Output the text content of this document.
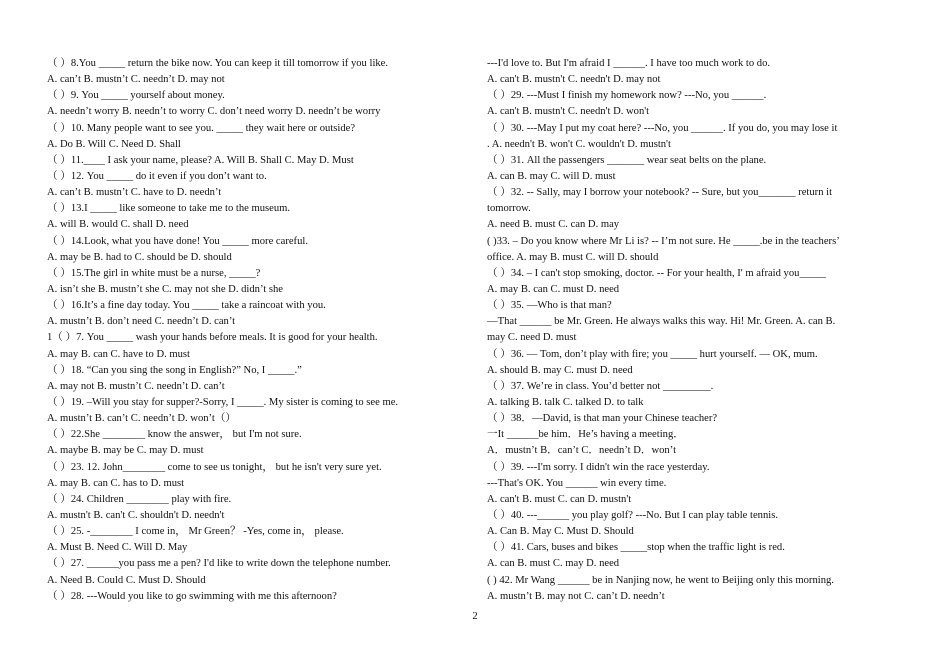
（ ）8.You _____ return the bike now. You can keep it till tomorrow if you like.
A. can’t B. mustn’t C. needn’t D. may not
（ ）9. You _____ yourself about money.
A. needn’t worry B. needn’t to worry C. don’t need worry D. needn’t be worry
（ ）10. Many people want to see you. _____ they wait here or outside?
A. Do B. Will C. Need D. Shall
（ ）11.____ I ask your name, please? A. Will B. Shall C. May D. Must
（ ）12. You _____ do it even if you don’t want to.
A. can’t B. mustn’t C. have to D. needn’t
（ ）13.I _____ like someone to take me to the museum.
A. will B. would C. shall D. need
（ ）14.Look, what you have done! You _____ more careful.
A. may be B. had to C. should be D. should
（ ）15.The girl in white must be a nurse, _____?
A. isn’t she B. mustn’t she C. may not she D. didn’t she
（ ）16.It’s a fine day today. You _____ take a raincoat with you.
A. mustn’t B. don’t need C. needn’t D. can’t
1（ ）7. You _____ wash your hands before meals. It is good for your health.
A. may B. can C. have to D. must
（ ）18. “Can you sing the song in English?” No, I _____.”
A. may not B. mustn’t C. needn’t D. can’t
（ ）19. –Will you stay for supper?-Sorry, I _____. My sister is coming to see me.
A. mustn’t B. can’t C. needn’t D. won’t（）
（ ）22.She ________ know the answer， but I'm not sure.
A. maybe B. may be C. may D. must
（ ）23. 12. John________ come to see us tonight， but he isn't very sure yet.
A. may B. can C. has to D. must
（ ）24. Children ________ play with fire.
A. mustn't B. can't C. shouldn't D. needn't
（ ）25. -________ I come in， Mr Green？ -Yes, come in， please.
A. Must B. Need C. Will D. May
（ ）27. ______you pass me a pen? I'd like to write down the telephone number.
A. Need B. Could C. Must D. Should
（ ）28. ---Would you like to go swimming with me this afternoon?
---I'd love to. But I'm afraid I ______. I have too much work to do.
A. can't B. mustn't C. needn't D. may not
（ ）29. ---Must I finish my homework now? ---No, you ______.
A. can't B. mustn't C. needn't D. won't
（ ）30. ---May I put my coat here? ---No, you ______. If you do, you may lose it
. A. needn't B. won't C. wouldn't D. mustn't
（ ）31. All the passengers _______ wear seat belts on the plane.
A. can B. may C. will D. must
（ ）32. -- Sally, may I borrow your notebook? -- Sure, but you_______ return it
tomorrow.
A. need B. must C. can D. may
( )33. – Do you know where Mr Li is? -- I’m not sure. He _____.be in the teachers’
office. A. may B. must C. will D. should
（ ）34. – I can't stop smoking, doctor. -- For your health, I' m afraid you_____
A. may B. can C. must D. need
（ ）35. —Who is that man?
—That ______ be Mr. Green. He always walks this way. Hi! Mr. Green. A. can B.
may C. need D. must
（ ）36. — Tom, don’t play with fire; you _____ hurt yourself. — OK, mum.
A. should B. may C. must D. need
（ ）37. We’re in class. You’d better not _________.
A. talking B. talk C. talked D. to talk
（ ）38．—David, is that man your Chinese teacher?
一It ______be him．He’s having a meeting．
A．mustn’t B．can’t C．needn’t D．won’t
（ ）39. ---I'm sorry. I didn't win the race yesterday.
---That's OK. You ______ win every time.
A. can't B. must C. can D. mustn't
（ ）40. ---______ you play golf? ---No. But I can play table tennis.
A. Can B. May C. Must D. Should
（ ）41. Cars, buses and bikes _____stop when the traffic light is red.
A. can B. must C. may D. need
( ) 42. Mr Wang ______ be in Nanjing now, he went to Beijing only this morning.
A. mustn’t B. may not C. can’t D. needn’t
2
